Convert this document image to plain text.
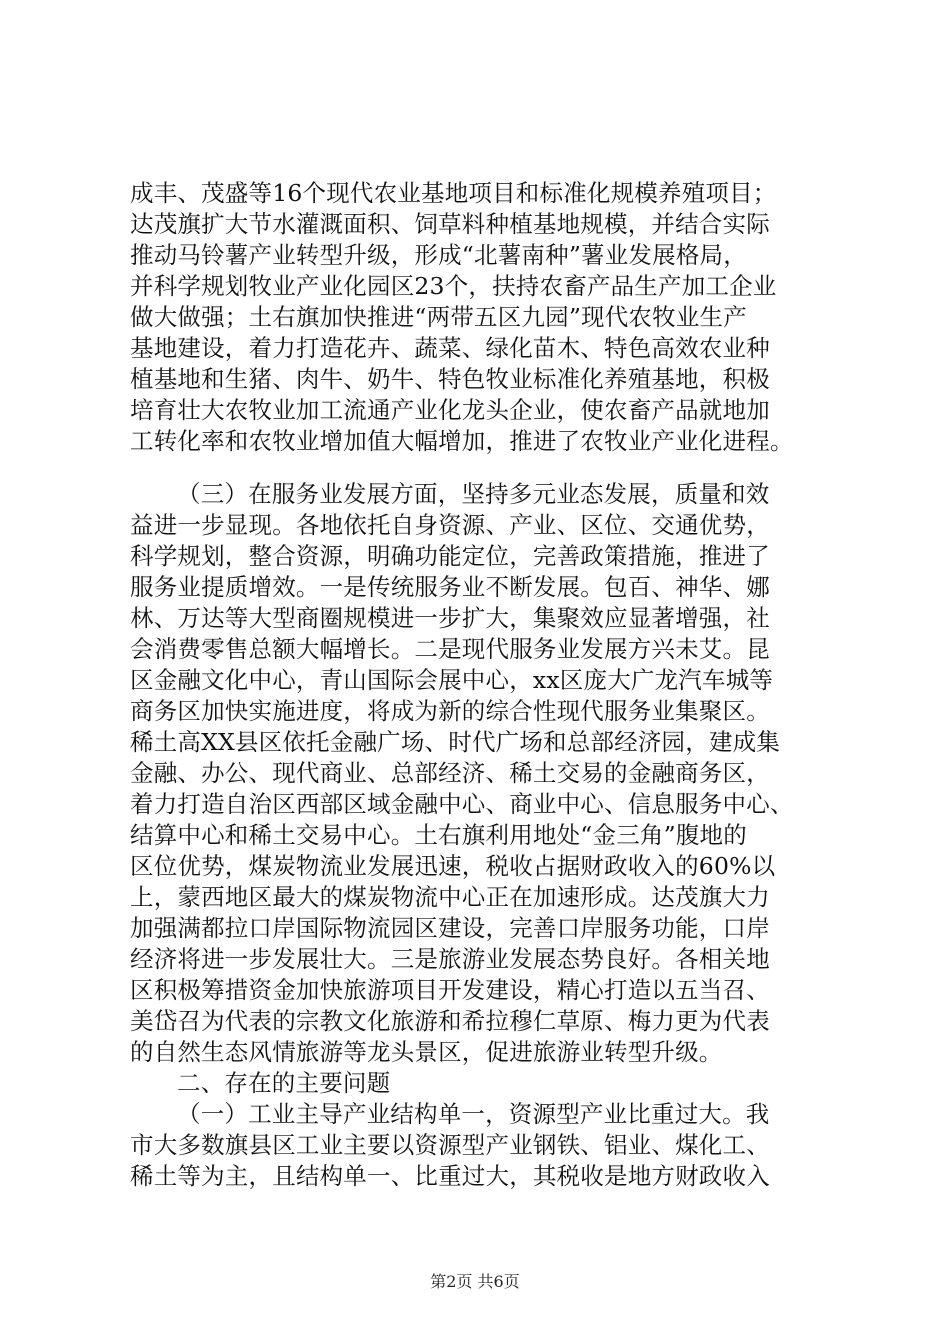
成丰、茂盛等16个现代农业基地项目和标准化规模养殖项目；
达茂旗扩大节水灌溉面积、饲草料种植基地规模，并结合实际
推动马铃薯产业转型升级，形成“北薯南种”薯业发展格局，
并科学规划牧业产业化园区23个，扶持农畜产品生产加工企业
做大做强；土右旗加快推进“两带五区九园”现代农牧业生产
基地建设，着力打造花卉、蔬菜、绿化苗木、特色高效农业种
植基地和生猪、肉牛、奶牛、特色牧业标准化养殖基地，积极
培育壮大农牧业加工流通产业化龙头企业，使农畜产品就地加
工转化率和农牧业增加值大幅增加，推进了农牧业产业化进程。
（三）在服务业发展方面，坚持多元业态发展，质量和效
益进一步显现。各地依托自身资源、产业、区位、交通优势，
科学规划，整合资源，明确功能定位，完善政策措施，推进了
服务业提质增效。一是传统服务业不断发展。包百、神华、娜
林、万达等大型商圈规模进一步扩大，集聚效应显著增强，社
会消费零售总额大幅增长。二是现代服务业发展方兴未艾。昆
区金融文化中心，青山国际会展中心，xx区庞大广龙汽车城等
商务区加快实施进度，将成为新的综合性现代服务业集聚区。
稀土高XX县区依托金融广场、时代广场和总部经济园，建成集
金融、办公、现代商业、总部经济、稀土交易的金融商务区，
着力打造自治区西部区域金融中心、商业中心、信息服务中心、
结算中心和稀土交易中心。土右旗利用地处“金三角”腹地的
区位优势，煤炭物流业发展迅速，税收占据财政收入的60%以
上，蒙西地区最大的煤炭物流中心正在加速形成。达茂旗大力
加强满都拉口岸国际物流园区建设，完善口岸服务功能，口岸
经济将进一步发展壮大。三是旅游业发展态势良好。各相关地
区积极筹措资金加快旅游项目开发建设，精心打造以五当召、
美岱召为代表的宗教文化旅游和希拉穆仁草原、梅力更为代表
的自然生态风情旅游等龙头景区，促进旅游业转型升级。
二、存在的主要问题
（一）工业主导产业结构单一，资源型产业比重过大。我
市大多数旗县区工业主要以资源型产业钢铁、铝业、煤化工、
稀土等为主，且结构单一、比重过大，其税收是地方财政收入
第2页 共6页
